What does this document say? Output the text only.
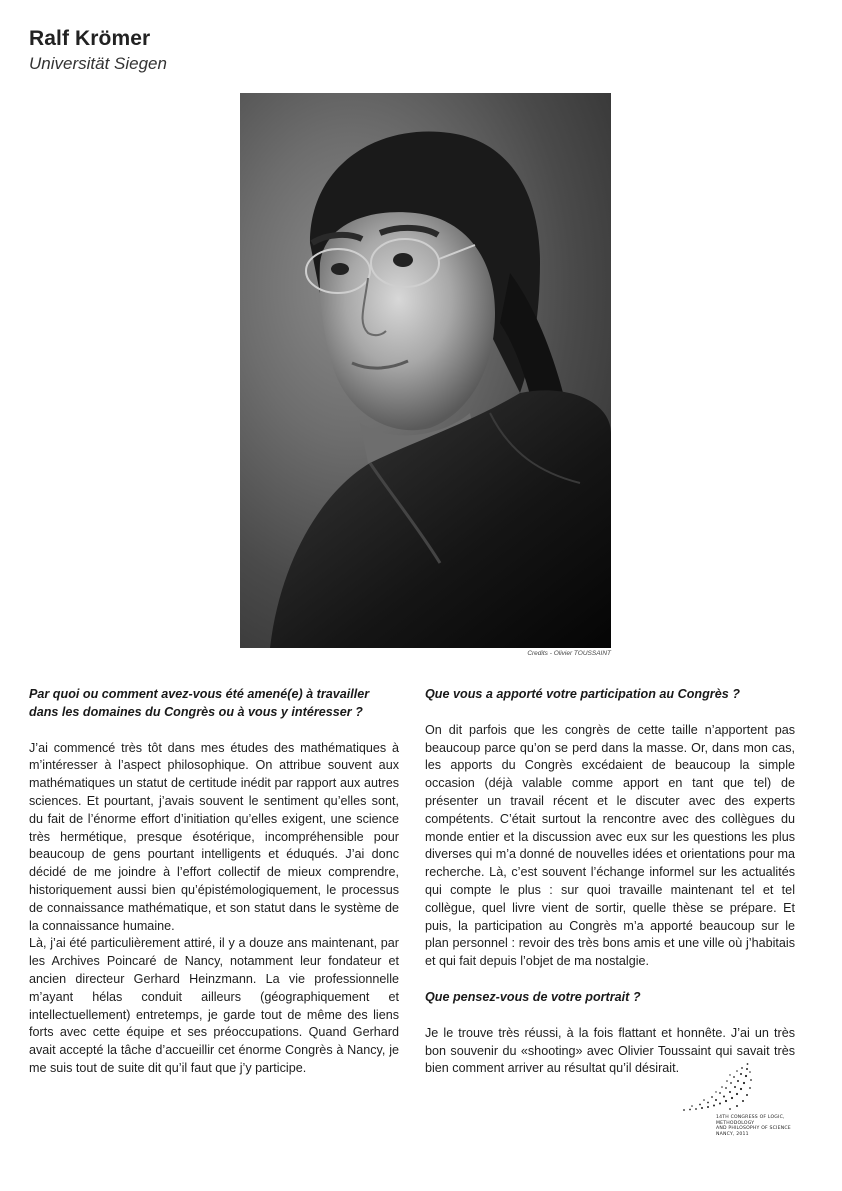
Ralf Krömer
Universität Siegen
Credits - Olivier TOUSSAINT
Par quoi ou comment avez-vous été amené(e) à travailler dans les domaines du Congrès ou à vous y intéresser ?
J’ai commencé très tôt dans mes études des mathématiques à m’intéresser à l’aspect philosophique. On attribue souvent aux mathématiques un statut de certitude inédit par rapport aux autres sciences. Et pourtant, j’avais souvent le sentiment qu’elles sont, du fait de l’énorme effort d’initiation qu’elles exigent, une science très hermétique, presque ésotérique, incompréhensible pour beaucoup de gens pourtant intelligents et éduqués. J’ai donc décidé de me joindre à l’effort collectif de mieux comprendre, historiquement aussi bien qu’épistémologiquement, le processus de connaissance mathématique, et son statut dans le système de la connaissance humaine.
Là, j’ai été particulièrement attiré, il y a douze ans maintenant, par les Archives Poincaré de Nancy, notamment leur fondateur et ancien directeur Gerhard Heinzmann. La vie professionnelle m’ayant hélas conduit ailleurs (géographiquement et intellectuellement) entretemps, je garde tout de même des liens forts avec cette équipe et ses préoccupations. Quand Gerhard avait accepté la tâche d’accueillir cet énorme Congrès à Nancy, je me suis tout de suite dit qu’il faut que j’y participe.
Que vous a apporté votre participation au Congrès ?
On dit parfois que les congrès de cette taille n’apportent pas beaucoup parce qu’on se perd dans la masse. Or, dans mon cas, les apports du Congrès excédaient de beaucoup la simple occasion (déjà valable comme apport en tant que tel) de présenter un travail récent et le discuter avec des experts compétents. C’était surtout la rencontre avec des collègues du monde entier et la discussion avec eux sur les questions les plus diverses qui m’a donné de nouvelles idées et orientations pour ma recherche. Là, c’est souvent l’échange informel sur les actualités qui compte le plus : sur quoi travaille maintenant tel et tel collègue, quel livre vient de sortir, quelle thèse se prépare. Et puis, la participation au Congrès m’a apporté beaucoup sur le plan personnel : revoir des très bons amis et une ville où j’habitais et qui fait depuis l’objet de ma nostalgie.
Que pensez-vous de votre portrait ?
Je le trouve très réussi, à la fois flattant et honnête. J’ai un très bon souvenir du «shooting» avec Olivier Toussaint qui savait très bien comment arriver au résultat qu’il désirait.
14TH CONGRESS OF LOGIC,
METHODOLOGY
AND PHILOSOPHY OF SCIENCE
NANCY, 2011
